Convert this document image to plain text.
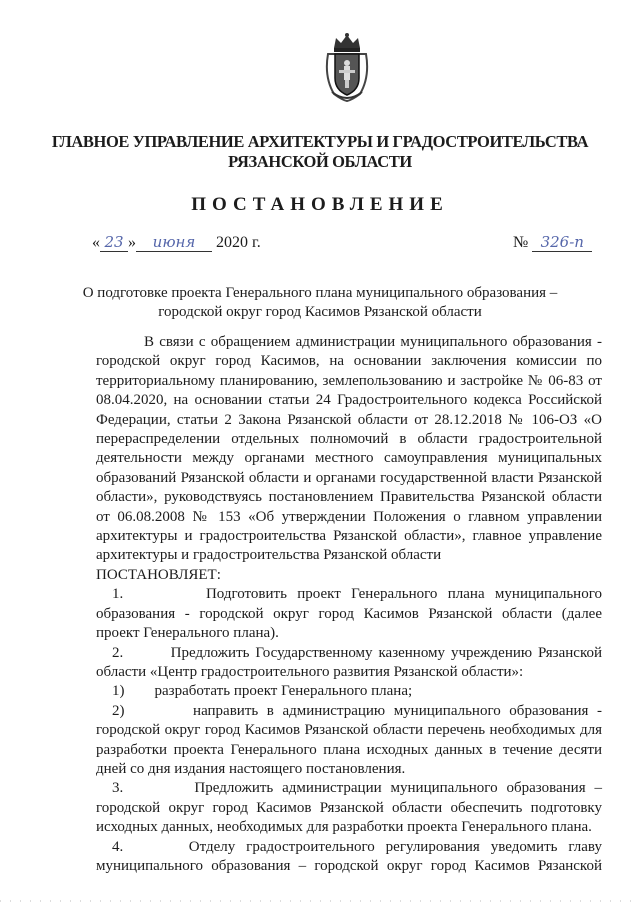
ГЛАВНОЕ УПРАВЛЕНИЕ АРХИТЕКТУРЫ И ГРАДОСТРОИТЕЛЬСТВА
РЯЗАНСКОЙ ОБЛАСТИ
ПОСТАНОВЛЕНИЕ
« 23 » июня 2020 г.	№ 326-п
О подготовке проекта Генерального плана муниципального образования –
городской округ город Касимов Рязанской области

В связи с обращением администрации муниципального образования - городской округ город Касимов, на основании заключения комиссии по территориальному планированию, землепользованию и застройке № 06-83 от 08.04.2020, на основании статьи 24 Градостроительного кодекса Российской Федерации, статьи 2 Закона Рязанской области от 28.12.2018 № 106-ОЗ «О перераспределении отдельных полномочий в области градостроительной деятельности между органами местного самоуправления муниципальных образований Рязанской области и органами государственной власти Рязанской области», руководствуясь постановлением Правительства Рязанской области от 06.08.2008 № 153 «Об утверждении Положения о главном управлении архитектуры и градостроительства Рязанской области», главное управление архитектуры и градостроительства Рязанской области

ПОСТАНОВЛЯЕТ:

1.        Подготовить проект Генерального плана муниципального образования - городской округ город Касимов Рязанской области (далее проект Генерального плана).

2.        Предложить Государственному казенному учреждению Рязанской области «Центр градостроительного развития Рязанской области»:

1)        разработать проект Генерального плана;

2)        направить в администрацию муниципального образования - городской округ город Касимов Рязанской области перечень необходимых для разработки проекта Генерального плана исходных данных в течение десяти дней со дня издания настоящего постановления.

3.        Предложить администрации муниципального образования – городской округ город Касимов Рязанской области обеспечить подготовку исходных данных, необходимых для разработки проекта Генерального плана.

4.      Отделу градостроительного регулирования уведомить главу муниципального образования – городской округ город Касимов Рязанской
